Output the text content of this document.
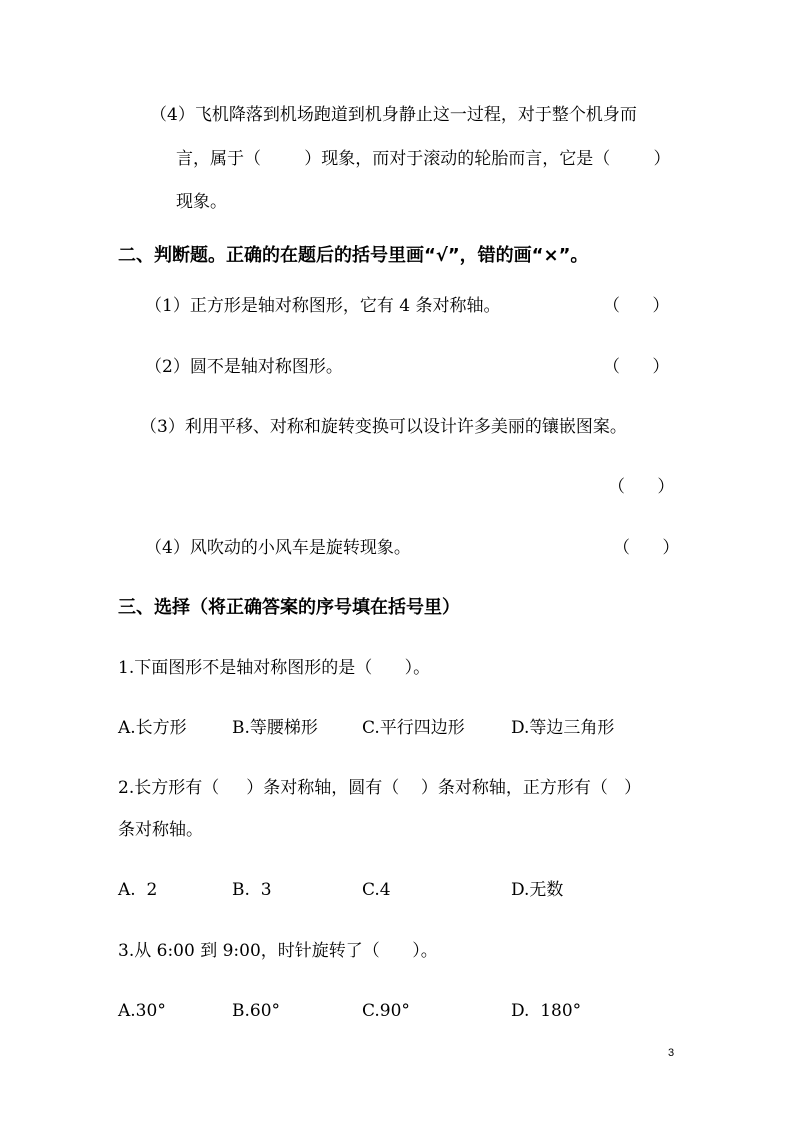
（4）飞机降落到机场跑道到机身静止这一过程，对于整个机身而
言，属于（        ）现象，而对于滚动的轮胎而言，它是（        ）
现象。
二、判断题。正确的在题后的括号里画“√”，错的画“×”。
（1）正方形是轴对称图形，它有 4 条对称轴。	（      ）
（2）圆不是轴对称图形。	（      ）
（3）利用平移、对称和旋转变换可以设计许多美丽的镶嵌图案。
（      ）
（4）风吹动的小风车是旋转现象。	（      ）
三、选择（将正确答案的序号填在括号里）
1.下面图形不是轴对称图形的是（      ）。
A.长方形	B.等腰梯形	C.平行四边形	D.等边三角形
2.长方形有（     ）条对称轴，圆有（    ）条对称轴，正方形有（   ）
条对称轴。
A.  2	B.  3	C.4	D.无数
3.从 6:00 到 9:00，时针旋转了（      ）。
A.30°	B.60°	C.90°	D.  180°
3
